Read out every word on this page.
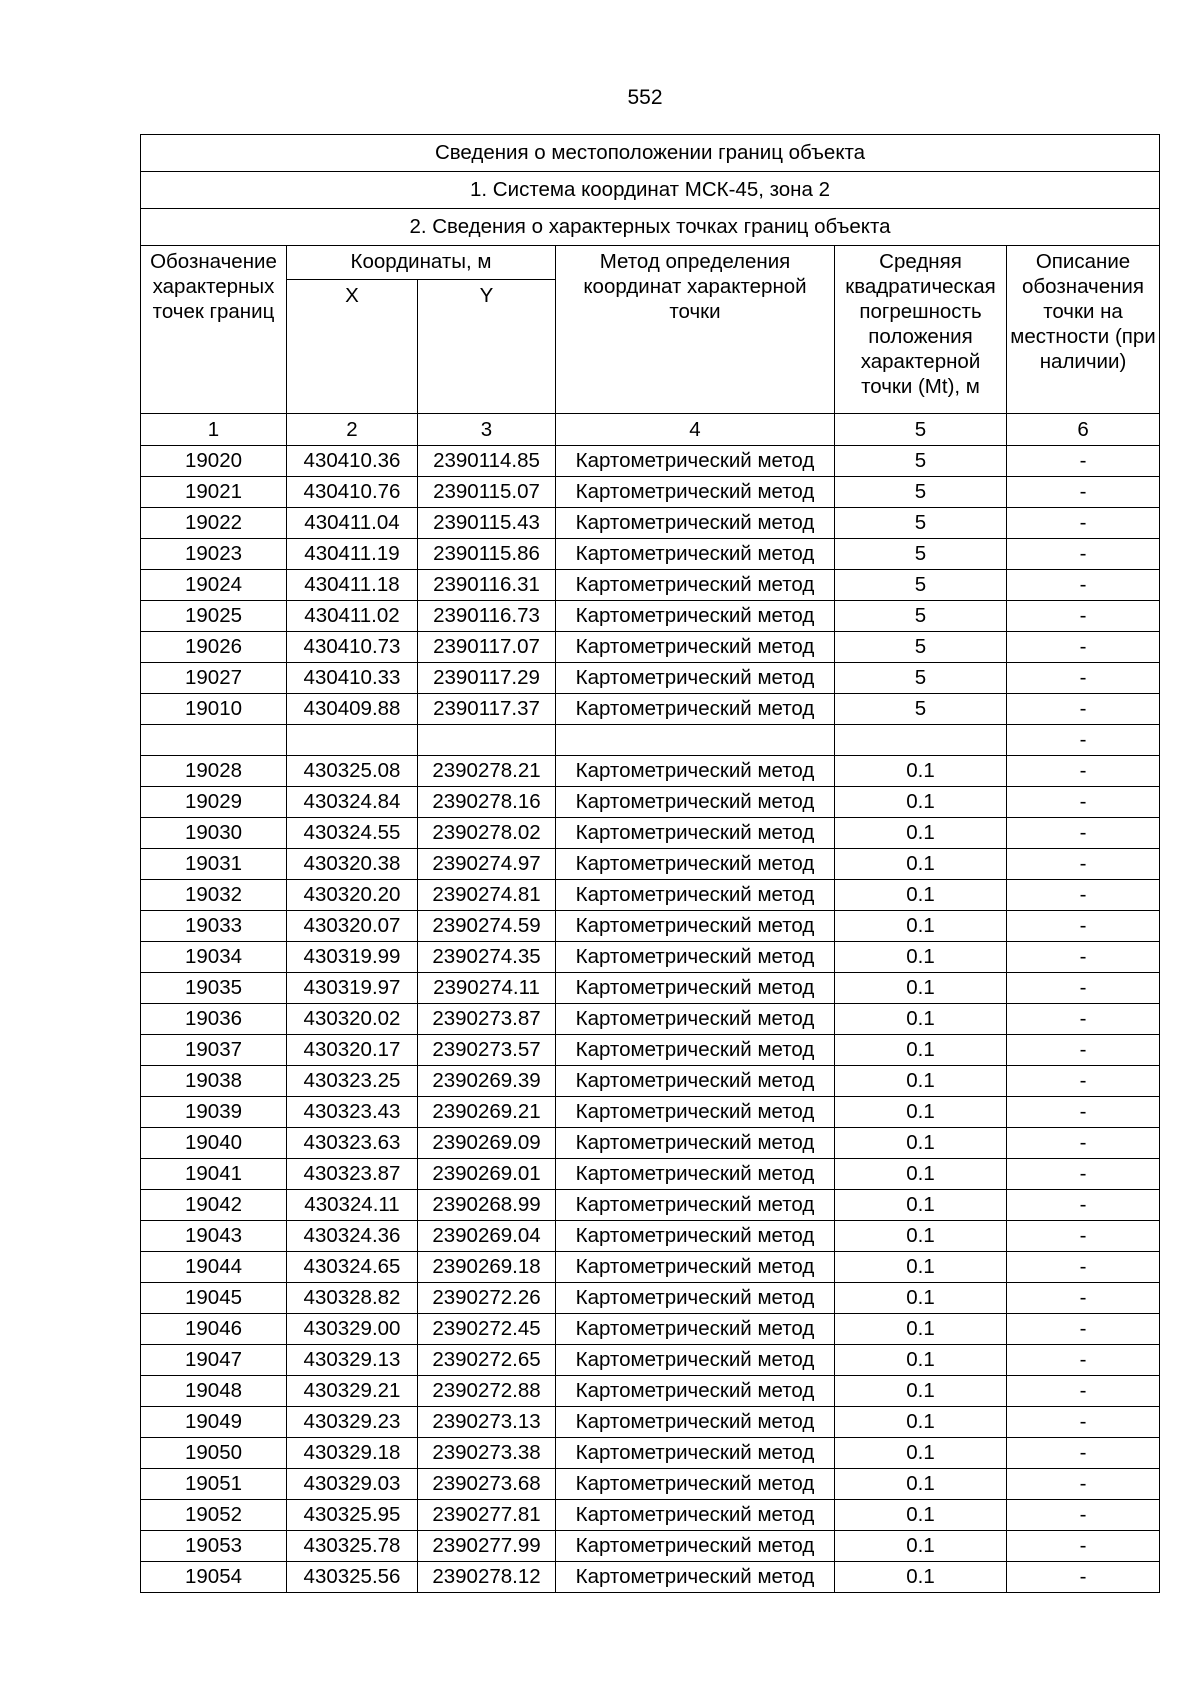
552
Сведения о местоположении границ объекта					
1. Система координат МСК-45, зона 2					
2. Сведения о характерных точках границ объекта					
Обозначение характерных точек границ	Координаты, м		Метод определения координат характерной точки	Средняя квадратическая погрешность положения характерной точки (Mt), м	Описание обозначения точки на местности (при наличии)
	X	Y			
1	2	3	4	5	6
19020	430410.36	2390114.85	Картометрический метод	5	-
19021	430410.76	2390115.07	Картометрический метод	5	-
19022	430411.04	2390115.43	Картометрический метод	5	-
19023	430411.19	2390115.86	Картометрический метод	5	-
19024	430411.18	2390116.31	Картометрический метод	5	-
19025	430411.02	2390116.73	Картометрический метод	5	-
19026	430410.73	2390117.07	Картометрический метод	5	-
19027	430410.33	2390117.29	Картометрический метод	5	-
19010	430409.88	2390117.37	Картометрический метод	5	-
					-
19028	430325.08	2390278.21	Картометрический метод	0.1	-
19029	430324.84	2390278.16	Картометрический метод	0.1	-
19030	430324.55	2390278.02	Картометрический метод	0.1	-
19031	430320.38	2390274.97	Картометрический метод	0.1	-
19032	430320.20	2390274.81	Картометрический метод	0.1	-
19033	430320.07	2390274.59	Картометрический метод	0.1	-
19034	430319.99	2390274.35	Картометрический метод	0.1	-
19035	430319.97	2390274.11	Картометрический метод	0.1	-
19036	430320.02	2390273.87	Картометрический метод	0.1	-
19037	430320.17	2390273.57	Картометрический метод	0.1	-
19038	430323.25	2390269.39	Картометрический метод	0.1	-
19039	430323.43	2390269.21	Картометрический метод	0.1	-
19040	430323.63	2390269.09	Картометрический метод	0.1	-
19041	430323.87	2390269.01	Картометрический метод	0.1	-
19042	430324.11	2390268.99	Картометрический метод	0.1	-
19043	430324.36	2390269.04	Картометрический метод	0.1	-
19044	430324.65	2390269.18	Картометрический метод	0.1	-
19045	430328.82	2390272.26	Картометрический метод	0.1	-
19046	430329.00	2390272.45	Картометрический метод	0.1	-
19047	430329.13	2390272.65	Картометрический метод	0.1	-
19048	430329.21	2390272.88	Картометрический метод	0.1	-
19049	430329.23	2390273.13	Картометрический метод	0.1	-
19050	430329.18	2390273.38	Картометрический метод	0.1	-
19051	430329.03	2390273.68	Картометрический метод	0.1	-
19052	430325.95	2390277.81	Картометрический метод	0.1	-
19053	430325.78	2390277.99	Картометрический метод	0.1	-
19054	430325.56	2390278.12	Картометрический метод	0.1	-
